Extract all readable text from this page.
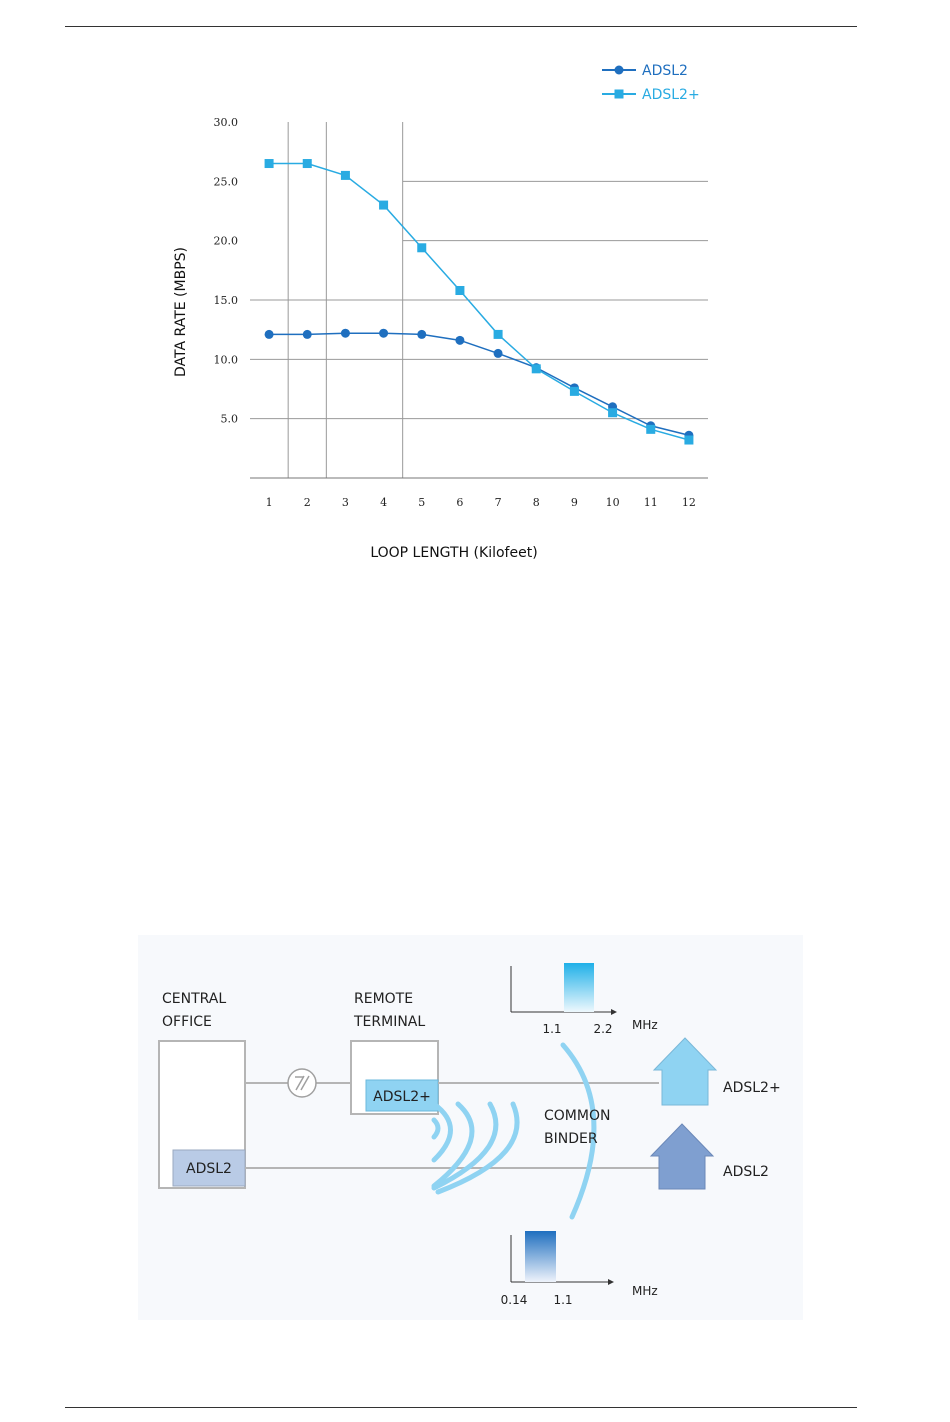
5.0
10.0
15.0
20.0
25.0
30.0
1	2	3	4	5	6	7	8	9	10 11 12
ADSL2
ADSL2+
LOOP LENGTH (Kilofeet)
DATA RATE (MBPS)
CENTRAL
OFFICE
ADSL2
REMOTE
TERMINAL
ADSL2+
COMMON
BINDER
1.1	2.2 MHz
0.14 1.1
MHz
ADSL2+
ADSL2
